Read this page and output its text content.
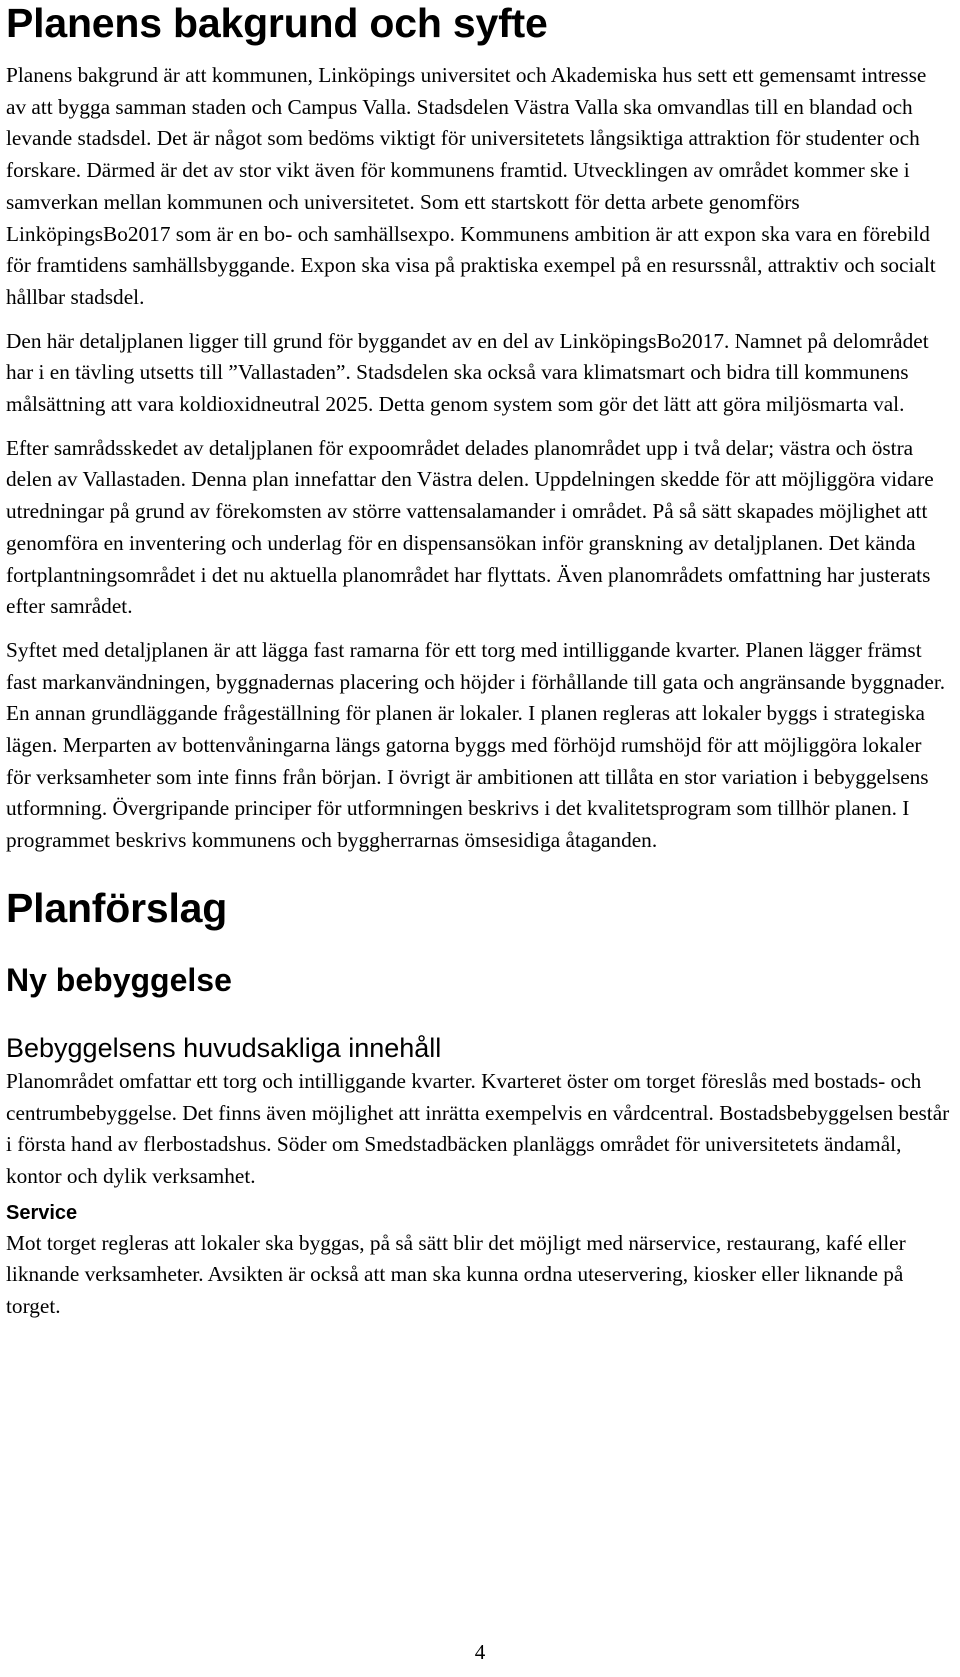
Planens bakgrund och syfte

Planens bakgrund är att kommunen, Linköpings universitet och Akademiska hus sett ett gemensamt intresse av att bygga samman staden och Campus Valla. Stadsdelen Västra Valla ska omvandlas till en blandad och levande stadsdel. Det är något som bedöms viktigt för universitetets långsiktiga attraktion för studenter och forskare. Därmed är det av stor vikt även för kommunens framtid. Utvecklingen av området kommer ske i samverkan mellan kommunen och universitetet. Som ett startskott för detta arbete genomförs LinköpingsBo2017 som är en bo- och samhällsexpo. Kommunens ambition är att expon ska vara en förebild för framtidens samhällsbyggande. Expon ska visa på praktiska exempel på en resurssnål, attraktiv och socialt hållbar stadsdel.

Den här detaljplanen ligger till grund för byggandet av en del av LinköpingsBo2017. Namnet på delområdet har i en tävling utsetts till ”Vallastaden”. Stadsdelen ska också vara klimatsmart och bidra till kommunens målsättning att vara koldioxidneutral 2025. Detta genom system som gör det lätt att göra miljösmarta val.

Efter samrådsskedet av detaljplanen för expoområdet delades planområdet upp i två delar; västra och östra delen av Vallastaden. Denna plan innefattar den Västra delen. Uppdelningen skedde för att möjliggöra vidare utredningar på grund av förekomsten av större vattensalamander i området. På så sätt skapades möjlighet att genomföra en inventering och underlag för en dispensansökan inför granskning av detaljplanen. Det kända fortplantningsområdet i det nu aktuella planområdet har flyttats. Även planområdets omfattning har justerats efter samrådet.

Syftet med detaljplanen är att lägga fast ramarna för ett torg med intilliggande kvarter. Planen lägger främst fast markanvändningen, byggnadernas placering och höjder i förhållande till gata och angränsande byggnader. En annan grundläggande frågeställning för planen är lokaler. I planen regleras att lokaler byggs i strategiska lägen. Merparten av bottenvåningarna längs gatorna byggs med förhöjd rumshöjd för att möjliggöra lokaler för verksamheter som inte finns från början. I övrigt är ambitionen att tillåta en stor variation i bebyggelsens utformning. Övergripande principer för utformningen beskrivs i det kvalitetsprogram som tillhör planen. I programmet beskrivs kommunens och byggherrarnas ömsesidiga åtaganden.

Planförslag
Ny bebyggelse
Bebyggelsens huvudsakliga innehåll

Planområdet omfattar ett torg och intilliggande kvarter. Kvarteret öster om torget föreslås med bostads- och centrumbebyggelse. Det finns även möjlighet att inrätta exempelvis en vårdcentral. Bostadsbebyggelsen består i första hand av flerbostadshus. Söder om Smedstadbäcken planläggs området för universitetets ändamål, kontor och dylik verksamhet.

Service

Mot torget regleras att lokaler ska byggas, på så sätt blir det möjligt med närservice, restaurang, kafé eller liknande verksamheter. Avsikten är också att man ska kunna ordna uteservering, kiosker eller liknande på torget.

4
